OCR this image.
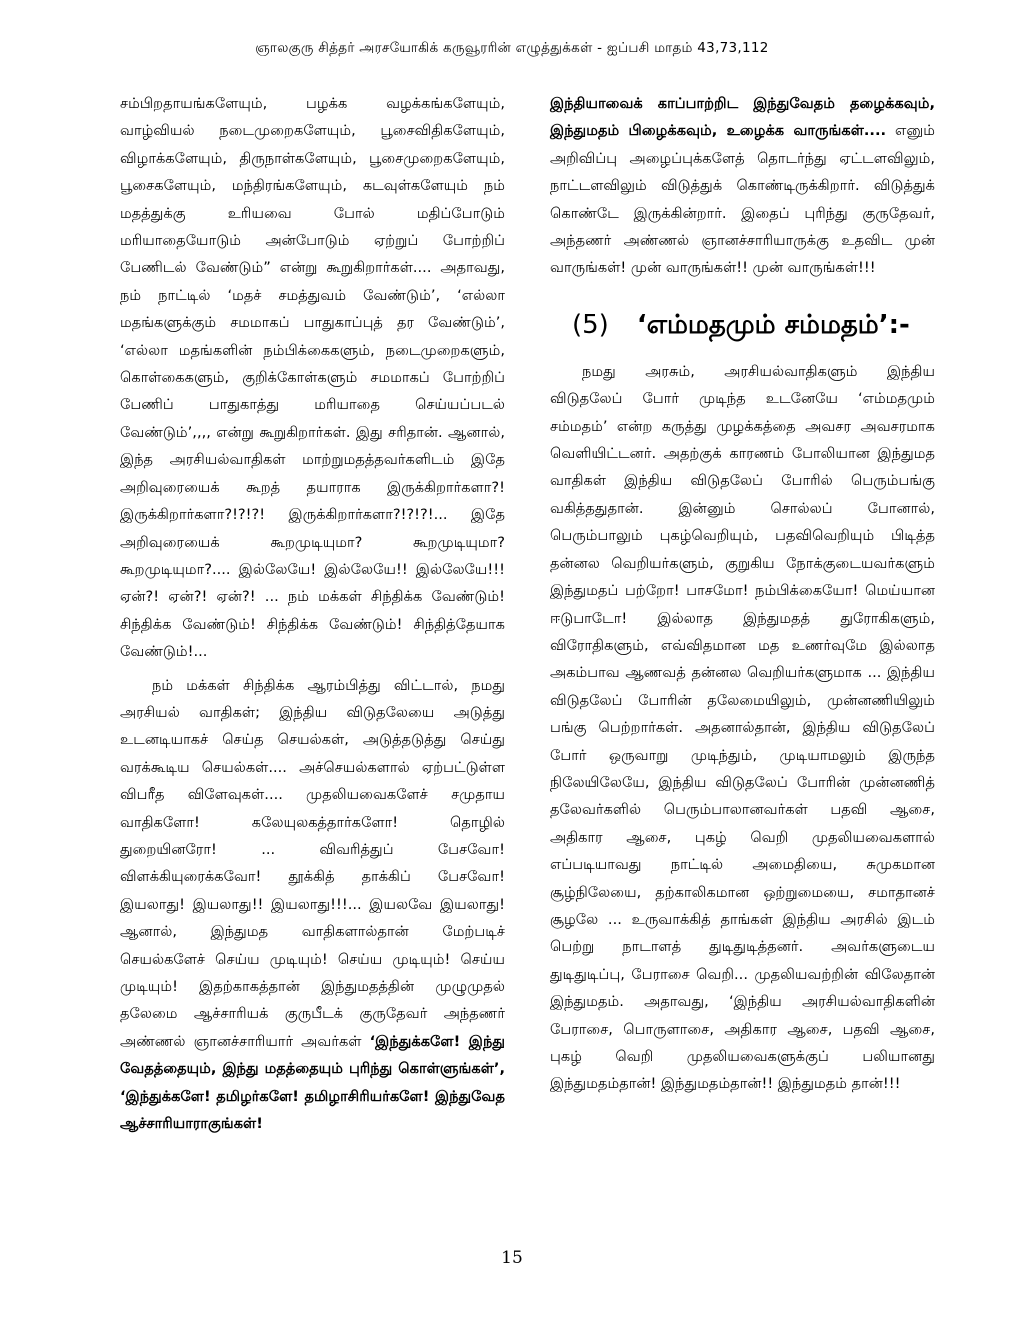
ஞாலகுரு சித்தர் அரசயோகிக் கருவூரரின் எழுத்துக்கள் - ஐப்பசி மாதம் 43,73,112

சம்பிறதாயங்களேயும், பழக்க வழக்கங்களேயும், வாழ்வியல் நடைமுறைகளேயும், பூசைவிதிகளேயும், விழாக்களேயும், திருநாள்களேயும், பூசைமுறைகளேயும், பூசைகளேயும், மந்திரங்களேயும், கடவுள்களேயும் நம் மதத்துக்கு உரியவை போல் மதிப்போடும் மரியாதையோடும் அன்போடும் ஏற்றுப் போற்றிப் பேணிடல் வேண்டும்” என்று கூறுகிறார்கள்.... அதாவது, நம் நாட்டில் ‘மதச் சமத்துவம் வேண்டும்’, ‘எல்லா மதங்களுக்கும் சமமாகப் பாதுகாப்புத் தர வேண்டும்’, ‘எல்லா மதங்களின் நம்பிக்கைகளும், நடைமுறைகளும், கொள்கைகளும், குறிக்கோள்களும் சமமாகப் போற்றிப் பேணிப் பாதுகாத்து மரியாதை செய்யப்படல் வேண்டும்’,,,, என்று கூறுகிறார்கள். இது சரிதான். ஆனால், இந்த அரசியல்வாதிகள் மாற்றுமதத்தவர்களிடம் இதே அறிவுரையைக் கூறத் தயாராக இருக்கிறார்களா?! இருக்கிறார்களா?!?!?! இருக்கிறார்களா?!?!?!... இதே அறிவுரையைக் கூறமுடியுமா? கூறமுடியுமா? கூறமுடியுமா?.... இல்லேயே! இல்லேயே!! இல்லேயே!!! ஏன்?! ஏன்?! ஏன்?! ... நம் மக்கள் சிந்திக்க வேண்டும்! சிந்திக்க வேண்டும்! சிந்திக்க வேண்டும்! சிந்தித்தேயாக வேண்டும்!...

நம் மக்கள் சிந்திக்க ஆரம்பித்து விட்டால், நமது அரசியல் வாதிகள்; இந்திய விடுதலேயை அடுத்து உடனடியாகச் செய்த செயல்கள், அடுத்தடுத்து செய்து வரக்கூடிய செயல்கள்.... அச்செயல்களால் ஏற்பட்டுள்ள விபரீத விளேவுகள்.... முதலியவைகளேச் சமுதாய வாதிகளோ! கலேயுலகத்தார்களோ! தொழில் துறையினரோ! ... விவரித்துப் பேசவோ! விளக்கியுரைக்கவோ! தூக்கித் தாக்கிப் பேசவோ! இயலாது! இயலாது!! இயலாது!!!... இயலவே இயலாது! ஆனால், இந்துமத வாதிகளால்தான் மேற்படிச் செயல்களேச் செய்ய முடியும்! செய்ய முடியும்! செய்ய முடியும்! இதற்காகத்தான் இந்துமதத்தின் முழுமுதல் தலேமை ஆச்சாரியக் குருபீடக் குருதேவர் அந்தணர் அண்ணல் ஞானச்சாரியார் அவர்கள் ‘இந்துக்களே! இந்து வேதத்தையும், இந்து மதத்தையும் புரிந்து கொள்ளுங்கள்’, ‘இந்துக்களே! தமிழர்களே! தமிழாசிரியர்களே! இந்துவேத ஆச்சாரியாராகுங்கள்!

இந்தியாவைக் காப்பாற்றிட இந்துவேதம் தழைக்கவும், இந்துமதம் பிழைக்கவும், உழைக்க வாருங்கள்.... எனும் அறிவிப்பு அழைப்புக்களேத் தொடர்ந்து ஏட்டளவிலும், நாட்டளவிலும் விடுத்துக் கொண்டிருக்கிறார். விடுத்துக் கொண்டே இருக்கின்றார். இதைப் புரிந்து குருதேவர், அந்தணர் அண்ணல் ஞானச்சாரியாருக்கு உதவிட முன் வாருங்கள்! முன் வாருங்கள்!! முன் வாருங்கள்!!!

(5) ‘எம்மதமும் சம்மதம்’:-

நமது அரசும், அரசியல்வாதிகளும் இந்திய விடுதலேப் போர் முடிந்த உடனேயே ‘எம்மதமும் சம்மதம்’ என்ற கருத்து முழக்கத்தை அவசர அவசரமாக வெளியிட்டனர். அதற்குக் காரணம் போலியான இந்துமத வாதிகள் இந்திய விடுதலேப் போரில் பெரும்பங்கு வகித்ததுதான். இன்னும் சொல்லப் போனால், பெரும்பாலும் புகழ்வெறியும், பதவிவெறியும் பிடித்த தன்னல வெறியர்களும், குறுகிய நோக்குடையவர்களும் இந்துமதப் பற்றோ! பாசமோ! நம்பிக்கையோ! மெய்யான ஈடுபாடோ! இல்லாத இந்துமதத் துரோகிகளும், விரோதிகளும், எவ்விதமான மத உணர்வுமே இல்லாத அகம்பாவ ஆணவத் தன்னல வெறியர்களுமாக ... இந்திய விடுதலேப் போரின் தலேமையிலும், முன்னணியிலும் பங்கு பெற்றார்கள். அதனால்தான், இந்திய விடுதலேப் போர் ஒருவாறு முடிந்தும், முடியாமலும் இருந்த நிலேயிலேயே, இந்திய விடுதலேப் போரின் முன்னணித் தலேவர்களில் பெரும்பாலானவர்கள் பதவி ஆசை, அதிகார ஆசை, புகழ் வெறி முதலியவைகளால் எப்படியாவது நாட்டில் அமைதியை, சுமுகமான சூழ்நிலேயை, தற்காலிகமான ஒற்றுமையை, சமாதானச் சூழலே ... உருவாக்கித் தாங்கள் இந்திய அரசில் இடம் பெற்று நாடாளத் துடிதுடித்தனர். அவர்களுடைய துடிதுடிப்பு, பேராசை வெறி... முதலியவற்றின் விலேதான் இந்துமதம். அதாவது, ‘இந்திய அரசியல்வாதிகளின் பேராசை, பொருளாசை, அதிகார ஆசை, பதவி ஆசை, புகழ் வெறி முதலியவைகளுக்குப் பலியானது இந்துமதம்தான்! இந்துமதம்தான்!! இந்துமதம் தான்!!!

15
